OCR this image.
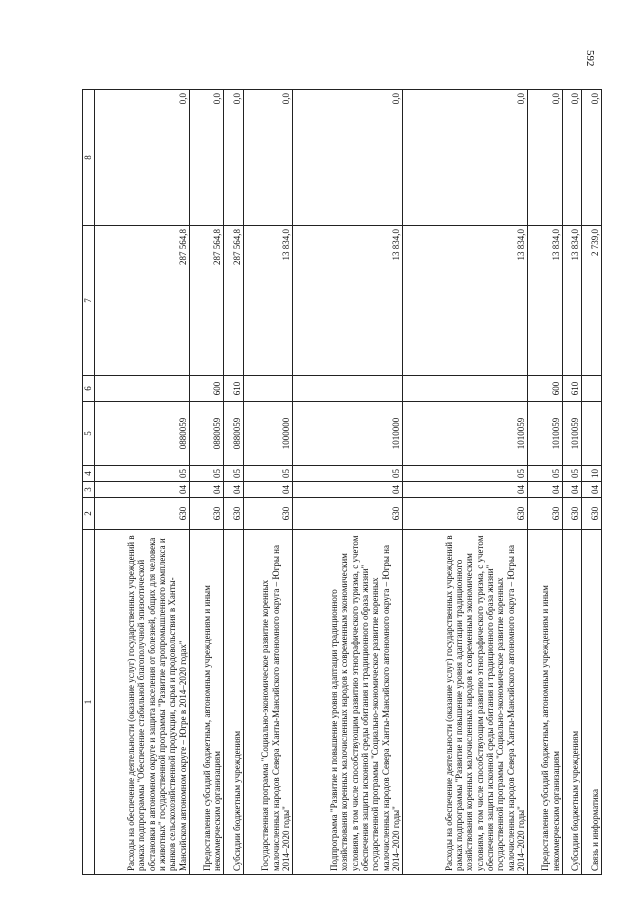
592
1	2	3	4	5	6	7	8
Расходы на обеспечение деятельности (оказание услуг) государственных учреждений в рамках подпрограммы "Обеспечение стабильной благополучной эпизоотической обстановки в автономном округе и защита населения от болезней, общих для человека и животных" государственной программы "Развитие агропромышленного комплекса и рынков сельскохозяйственной продукции, сырья и продовольствия в Ханты-Мансийском автономном округе – Югре в 2014–2020 годах"	630	04	05	0880059		287 564,8	0,0
Предоставление субсидий бюджетным, автономным учреждениям и иным некоммерческим организациям	630	04	05	0880059	600	287 564,8	0,0
Субсидии бюджетным учреждениям	630	04	05	0880059	610	287 564,8	0,0
Государственная программа "Социально-экономическое развитие коренных малочисленных народов Севера Ханты-Мансийского автономного округа – Югры на 2014–2020 годы"	630	04	05	1000000		13 834,0	0,0
Подпрограмма "Развитие и повышение уровня адаптации традиционного хозяйствования коренных малочисленных народов к современным экономическим условиям, в том числе способствующим развитию этнографического туризма, с учетом обеспечения защиты исконной среды обитания и традиционного образа жизни" государственной программы "Социально-экономическое развитие коренных малочисленных народов Севера Ханты-Мансийского автономного округа – Югры на 2014–2020 годы"	630	04	05	1010000		13 834,0	0,0
Расходы на обеспечение деятельности (оказание услуг) государственных учреждений в рамках подпрограммы "Развитие и повышение уровня адаптации традиционного хозяйствования коренных малочисленных народов к современным экономическим условиям, в том числе способствующим развитию этнографического туризма, с учетом обеспечения защиты исконной среды обитания и традиционного образа жизни" государственной программы "Социально-экономическое развитие коренных малочисленных народов Севера Ханты-Мансийского автономного округа – Югры на 2014–2020 годы"	630	04	05	1010059		13 834,0	0,0
Предоставление субсидий бюджетным, автономным учреждениям и иным некоммерческим организациям	630	04	05	1010059	600	13 834,0	0,0
Субсидии бюджетным учреждениям	630	04	05	1010059	610	13 834,0	0,0
Связь и информатика	630	04	10			2 739,0	0,0
